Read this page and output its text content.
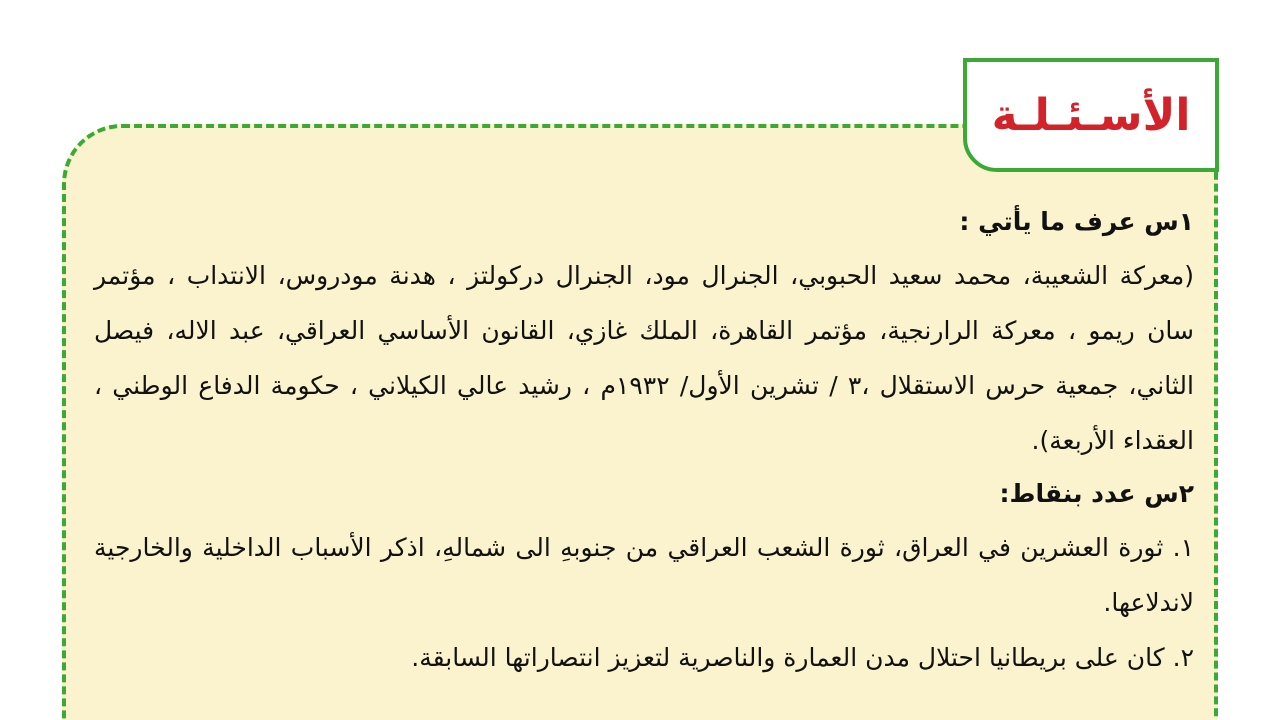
الأسـئـلـة
١س عرف ما يأتي :
(معركة الشعيبة، محمد سعيد الحبوبي، الجنرال مود، الجنرال دركولتز ، هدنة مودروس، الانتداب ، مؤتمر سان ريمو ، معركة الرارنجية، مؤتمر القاهرة، الملك غازي، القانون الأساسي العراقي، عبد الاله، فيصل الثاني، جمعية حرس الاستقلال ،٣ / تشرين الأول/ ١٩٣٢م ، رشيد عالي الكيلاني ، حكومة الدفاع الوطني ، العقداء الأربعة).
٢س عدد بنقاط:
١. ثورة العشرين في العراق، ثورة الشعب العراقي من جنوبهِ الى شمالهِ، اذكر الأسباب الداخلية والخارجية لاندلاعها.
٢. كان على بريطانيا احتلال مدن العمارة والناصرية لتعزيز انتصاراتها السابقة.
